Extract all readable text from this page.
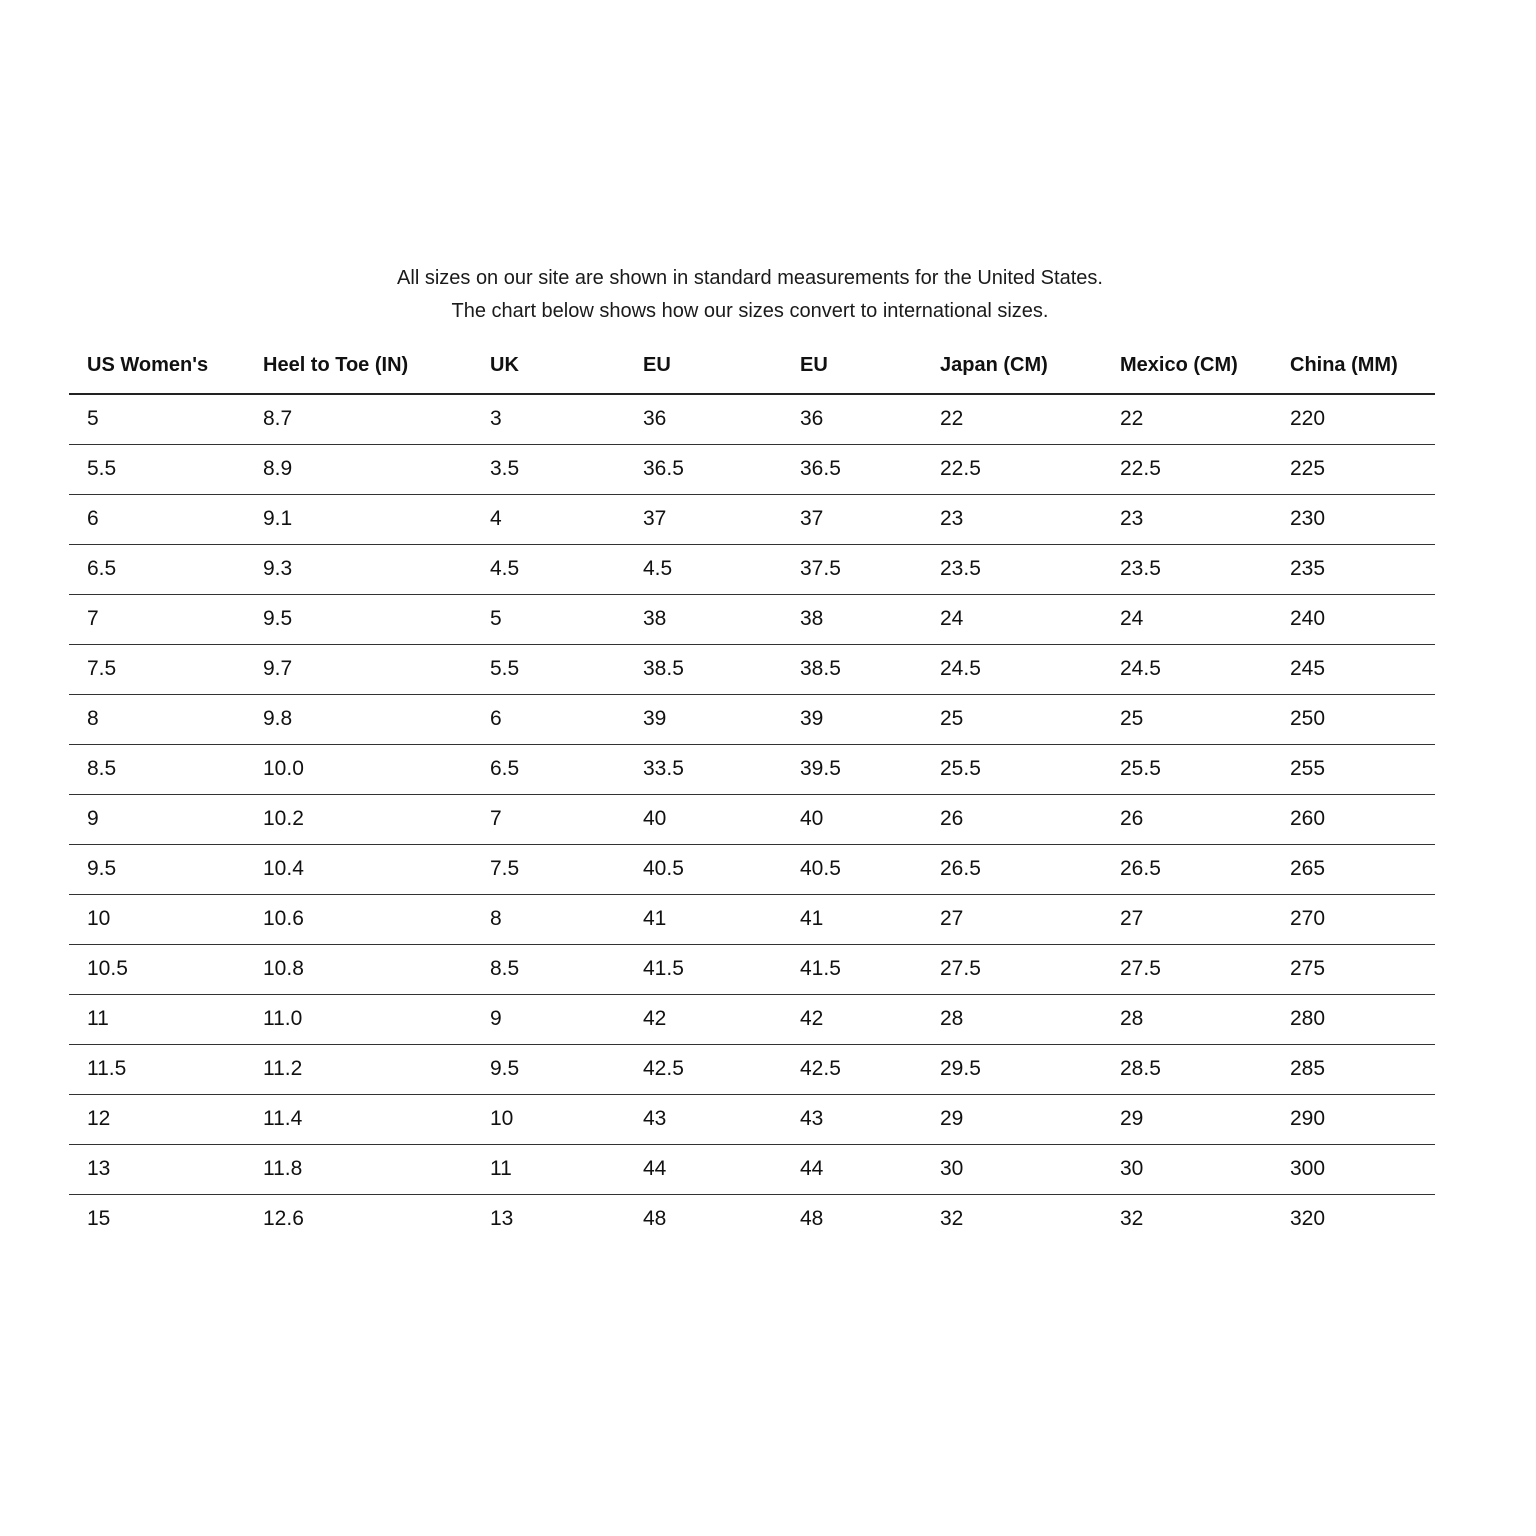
All sizes on our site are shown in standard measurements for the United States.
The chart below shows how our sizes convert to international sizes.
US Women's	Heel to Toe (IN)	UK	EU	EU	Japan (CM)	Mexico (CM)	China (MM)
5	8.7	3	36	36	22	22	220
5.5	8.9	3.5	36.5	36.5	22.5	22.5	225
6	9.1	4	37	37	23	23	230
6.5	9.3	4.5	4.5	37.5	23.5	23.5	235
7	9.5	5	38	38	24	24	240
7.5	9.7	5.5	38.5	38.5	24.5	24.5	245
8	9.8	6	39	39	25	25	250
8.5	10.0	6.5	33.5	39.5	25.5	25.5	255
9	10.2	7	40	40	26	26	260
9.5	10.4	7.5	40.5	40.5	26.5	26.5	265
10	10.6	8	41	41	27	27	270
10.5	10.8	8.5	41.5	41.5	27.5	27.5	275
11	11.0	9	42	42	28	28	280
11.5	11.2	9.5	42.5	42.5	29.5	28.5	285
12	11.4	10	43	43	29	29	290
13	11.8	11	44	44	30	30	300
15	12.6	13	48	48	32	32	320
